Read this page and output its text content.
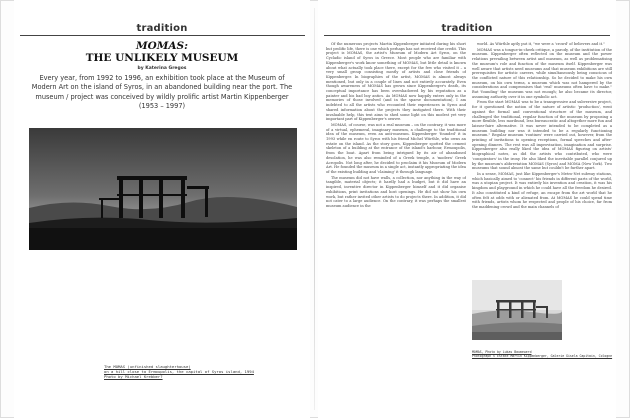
tradition
MOMAS:
THE UNLIKELY MUSEUM
by Katerina Gregos
Every year, from 1992 to 1996, an exhibition took place at the Museum of Modern Art on the island of Syros, in an abandoned building near the port. The museum / project was conceived by wildly prolific artist Martin Kippenberger (1953 – 1997)
The MOMAS (unfinished slaughterhouse)
on a hill close to Ermoupolis, the capital of Syros island, 1994
Photo by Michael Krebber?
tradition

Of the numerous projects Martin Kippenberger initiated during his short but prolific life, there is one which perhaps has not received due credit. This project is MOMAS, the artist's Museum of Modern Art Syros, on the Cycladic island of Syros in Greece. Most people who are familiar with Kippenberger's work know something of MOMAS, but little detail is known about what actually took place there, except for the few who visited it – a very small group consisting mostly of artists and close friends of Kippenberger. In biographies of the artist, MOMAS is almost always mentioned, but only in a couple of lines and not entirely accurately. Even though awareness of MOMAS has grown since Kippenberger's death, its conceptual importance has been overshadowed by his reputation as a painter and his bad boy antics. As MOMAS now happily enters only in the memories of those involved (and in the sparse documentation), I am indebted to all the artists who recounted their experiences in Syros and shared information about the projects they instigated there. With their invaluable help, this text aims to shed some light on this modest yet very important part of Kippenberger's oeuvre.

MOMAS, of course, was not a real museum – on the contrary, it was more of a virtual, ephemeral, imaginary museum, a challenge to the traditional idea of the museum, even an anti-museum. Kippenberger 'founded' it in 1993 while en route to Syros with his friend Michel Würthle, who owns an estate on the island. As the story goes, Kippenberger spotted the cement skeleton of a building at the entrance of the island's harbour, Ermoupolis, from the boat. Apart from being intrigued by its air of abandoned desolation, he was also reminded of a Greek temple, a 'modern' Greek Acropolis. Not long after, he decided to proclaim it his Museum of Modern Art. He founded the museum in a single act, instantly appropriating the idea of the existing building and 'claiming' it through language.

The museum did not have walls, a collection, nor anything in the way of tangible, material objects; it hardly had a budget, but it did have an inspired, inventive director in Kippenberger himself and it did organise exhibitions, print invitations and host openings. He did not show his own work, but rather invited other artists to do projects there. In addition, it did not cater to a large audience. On the contrary, it was perhaps the smallest museum audience in the

world. As Würthle aptly put it, "we were a 'crowd' of believers and it."

MOMAS was a tongue-in-cheek critique, a parody, of the institution of the museum. Kippenberger often reflected on the museum and the power relations prevailing between artist and museum, as well as problematising the museum's role and function of the museum itself. Kippenberger was well aware that artists need museums and that museum exhibitions are still prerequisites for artistic careers, while simultaneously being conscious of the conflicted nature of this relationship. So he decided to make his own museum, on his own terms, a museum which was not hampered by the considerations and compromises that 'real' museums often have to make." But 'founding' the museum was not enough; he also became its director, assuming authority over it in one symbolic act.

From the start MOMAS was to be a transgressive and subversive project, for it questioned the notion of the nature of artistic 'production', went against the formal and conventional structure of the museum, and challenged the traditional, regular function of the museum by proposing a more flexible, less moribund, less bureaucratic and altogether more fun and laissez-faire alternative. It was never intended to be completed as a museum building nor was it intended to be a regularly functioning museum." Regular museum 'routines' were carried out, however, from the printing of invitations to opening receptions, formal speeches and after-opening dinners. The rest was all improvisation, imagination and surprise. Kippenberger also really liked the idea of MOMAS figuring on artists' biographical notes, as did the artists who contributed, who were 'conspirators' in the irony. He also liked the inevitable parallel conjured up by the museum's abbreviation MOMAS (Syros) and MOMA (New York). Two museums that sound almost the same but couldn't be further apart.

In a sense, MOMAS, just like Kippenberger's Metro-Net subway stations, which basically aimed to 'connect' his friends in different parts of the world, was a utopian project. It was entirely his invention and creation, it was his kingdom and playground in which he could have all the freedom he desired. It also constituted a kind of refuge, an escape from the art world that he often felt at odds with or alienated from. At MOMAS he could spend time with friends, artists whom he respected and people of his choice, far from the maddening crowd and the main channels of

MOMAS, Photo by Lukas Baumewerd
Photograph © Estate Martin Kippenberger, Galerie Gisela Capitain, Cologne
